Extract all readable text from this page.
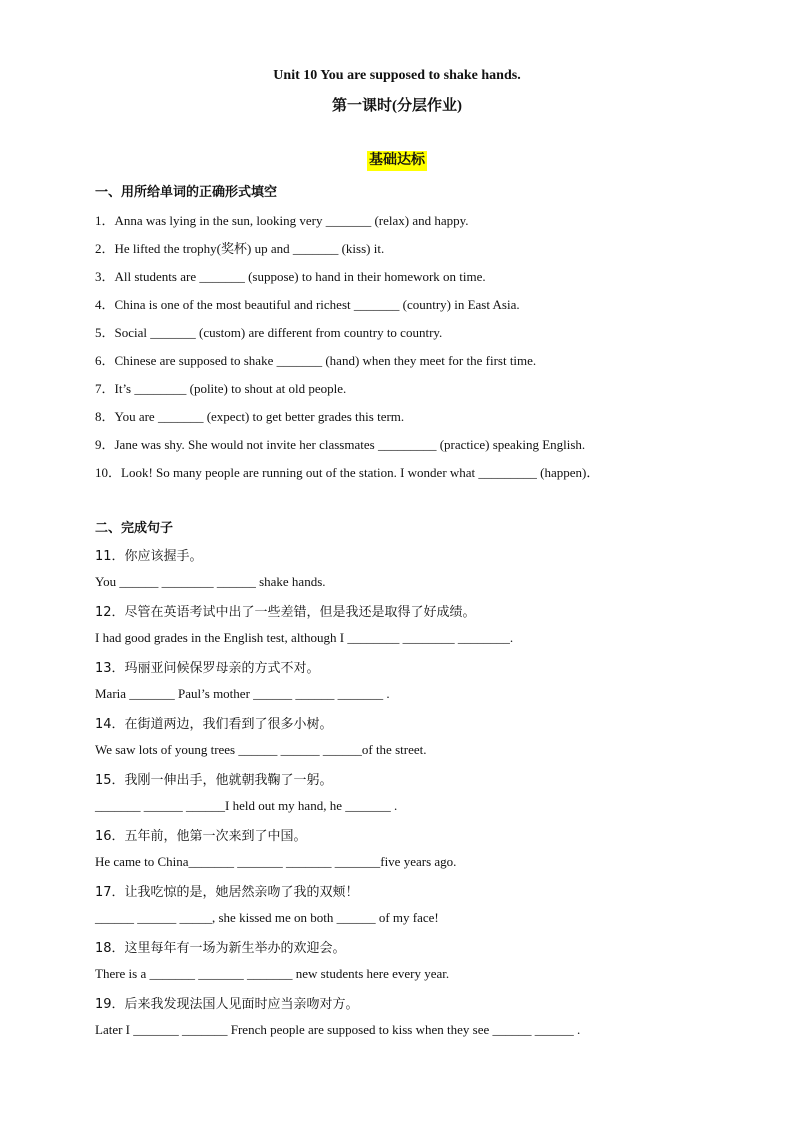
Unit 10 You are supposed to shake hands.
第一课时(分层作业)
基础达标
一、用所给单词的正确形式填空
1．Anna was lying in the sun, looking very _______ (relax) and happy.
2．He lifted the trophy(奖杯) up and _______ (kiss) it.
3．All students are _______ (suppose) to hand in their homework on time.
4．China is one of the most beautiful and richest _______ (country) in East Asia.
5．Social _______ (custom) are different from country to country.
6．Chinese are supposed to shake _______ (hand) when they meet for the first time.
7．It’s ________ (polite) to shout at old people.
8．You are _______ (expect) to get better grades this term.
9．Jane was shy. She would not invite her classmates _________ (practice) speaking English.
10．Look! So many people are running out of the station. I wonder what _________ (happen)．
二、完成句子
11．你应该握手。
You ______ ________ ______ shake hands.
12．尽管在英语考试中出了一些差错，但是我还是取得了好成绩。
I had good grades in the English test, although I ________ ________ ________.
13．玛丽亚问候保罗母亲的方式不对。
Maria _______ Paul’s mother ______ ______ _______ .
14．在街道两边，我们看到了很多小树。
We saw lots of young trees ______ ______ ______of the street.
15．我刚一伸出手，他就朝我鞠了一躬。
_______ ______ ______I held out my hand, he _______ .
16．五年前，他第一次来到了中国。
He came to China_______ _______ _______ _______five years ago.
17．让我吃惊的是，她居然亲吻了我的双颊！
______ ______ _____, she kissed me on both ______ of my face!
18．这里每年有一场为新生举办的欢迎会。
There is a _______ _______ _______ new students here every year.
19．后来我发现法国人见面时应当亲吻对方。
Later I _______ _______ French people are supposed to kiss when they see ______ ______ .
